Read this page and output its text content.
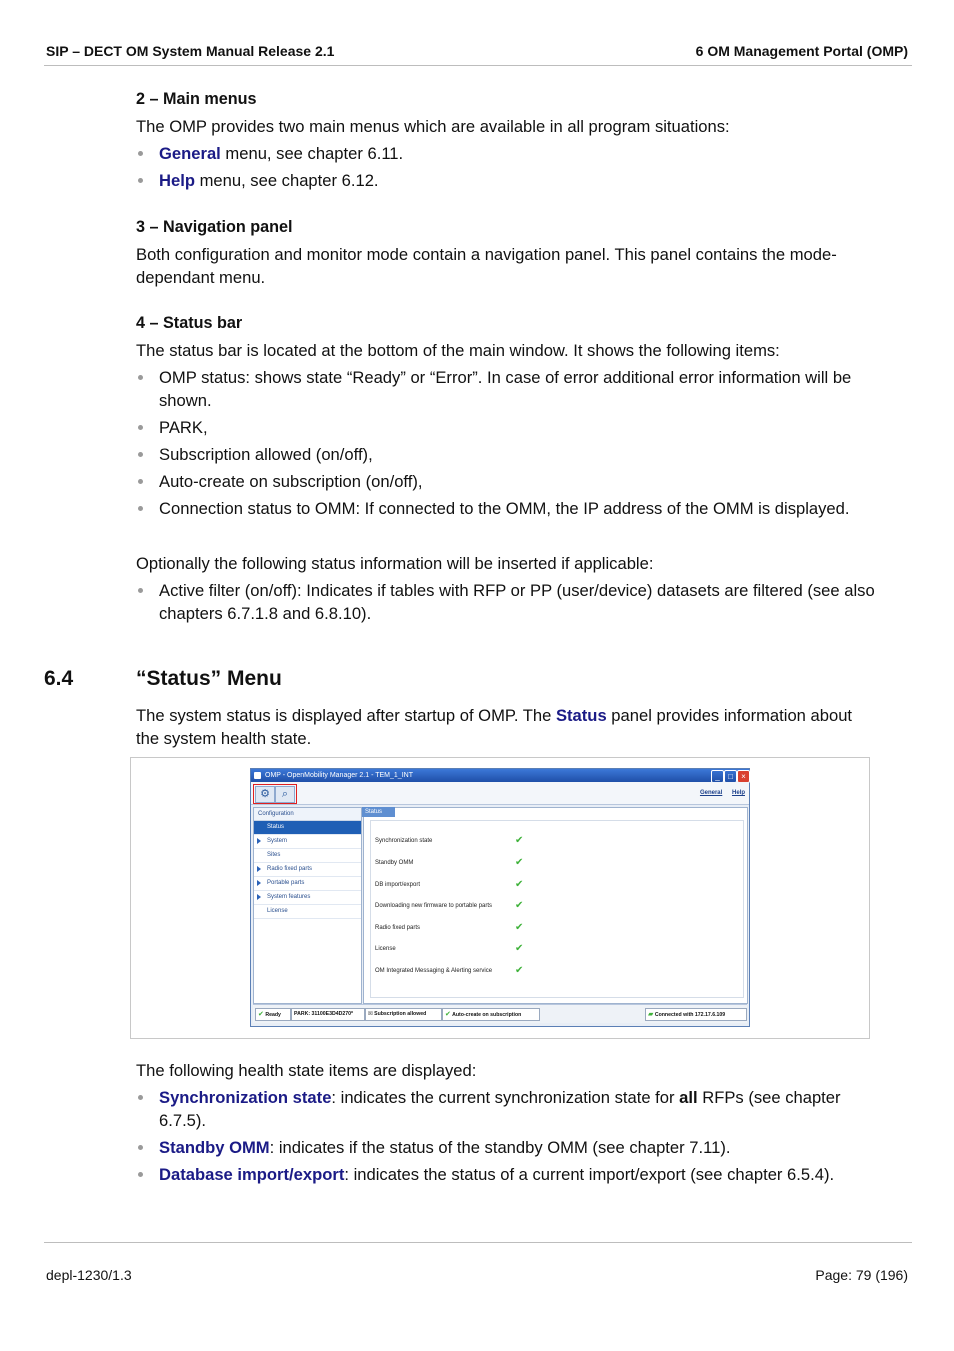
SIP – DECT OM System Manual Release 2.1	6 OM Management Portal (OMP)
2 – Main menus
The OMP provides two main menus which are available in all program situations:
General menu, see chapter 6.11.
Help menu, see chapter 6.12.
3 – Navigation panel
Both configuration and monitor mode contain a navigation panel. This panel contains the mode-dependant menu.
4 – Status bar
The status bar is located at the bottom of the main window. It shows the following items:
OMP status: shows state “Ready” or “Error”. In case of error additional error information will be shown.
PARK,
Subscription allowed (on/off),
Auto-create on subscription (on/off),
Connection status to OMM: If connected to the OMM, the IP address of the OMM is displayed.
Optionally the following status information will be inserted if applicable:
Active filter (on/off): Indicates if tables with RFP or PP (user/device) datasets are filtered (see also chapters 6.7.1.8 and 6.8.10).
6.4	“Status” Menu
The system status is displayed after startup of OMP. The Status panel provides information about the system health state.
OMP - OpenMobility Manager 2.1 - TEM_1_INT	_	□	×
⚙	⌕	General Help
Configuration
Status
System
Sites
Radio fixed parts
Portable parts
System features
License
Status
Synchronization state	✔
Standby OMM	✔
DB import/export	✔
Downloading new firmware to portable parts ✔
Radio fixed parts	✔
License	✔
OM Integrated Messaging & Alerting service ✔
✔ Ready	PARK: 31100E3D4D270*	☒ Subscription allowed	✔ Auto-create on subscription	▰ Connected with 172.17.6.109
The following health state items are displayed:
Synchronization state: indicates the current synchronization state for all RFPs (see chapter 6.7.5).
Standby OMM: indicates if the status of the standby OMM (see chapter 7.11).
Database import/export: indicates the status of a current import/export (see chapter 6.5.4).
depl-1230/1.3	Page: 79 (196)
